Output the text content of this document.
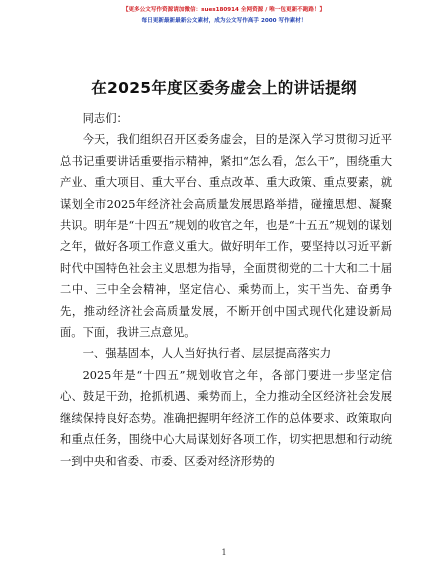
【更多公文写作资源请加微信：sues180914 全网资源 / 唯一包更新不跑路！】
每日更新最新最新公文素材，成为公文写作高手 2000 写作素材！
在2025年度区委务虚会上的讲话提纲

同志们：

今天，我们组织召开区委务虚会，目的是深入学习贯彻习近平总书记重要讲话重要指示精神，紧扣“怎么看，怎么干”，围绕重大产业、重大项目、重大平台、重点改革、重大政策、重点要素，就谋划全市2025年经济社会高质量发展思路举措，碰撞思想、凝聚共识。明年是“十四五”规划的收官之年，也是“十五五”规划的谋划之年，做好各项工作意义重大。做好明年工作，要坚持以习近平新时代中国特色社会主义思想为指导，全面贯彻党的二十大和二十届二中、三中全会精神，坚定信心、乘势而上，实干当先、奋勇争先，推动经济社会高质量发展，不断开创中国式现代化建设新局面。下面，我讲三点意见。

一、强基固本，人人当好执行者、层层提高落实力

2025年是“十四五”规划收官之年，各部门要进一步坚定信心、鼓足干劲，抢抓机遇、乘势而上，全力推动全区经济社会发展继续保持良好态势。准确把握明年经济工作的总体要求、政策取向和重点任务，围绕中心大局谋划好各项工作，切实把思想和行动统一到中央和省委、市委、区委对经济形势的

1
